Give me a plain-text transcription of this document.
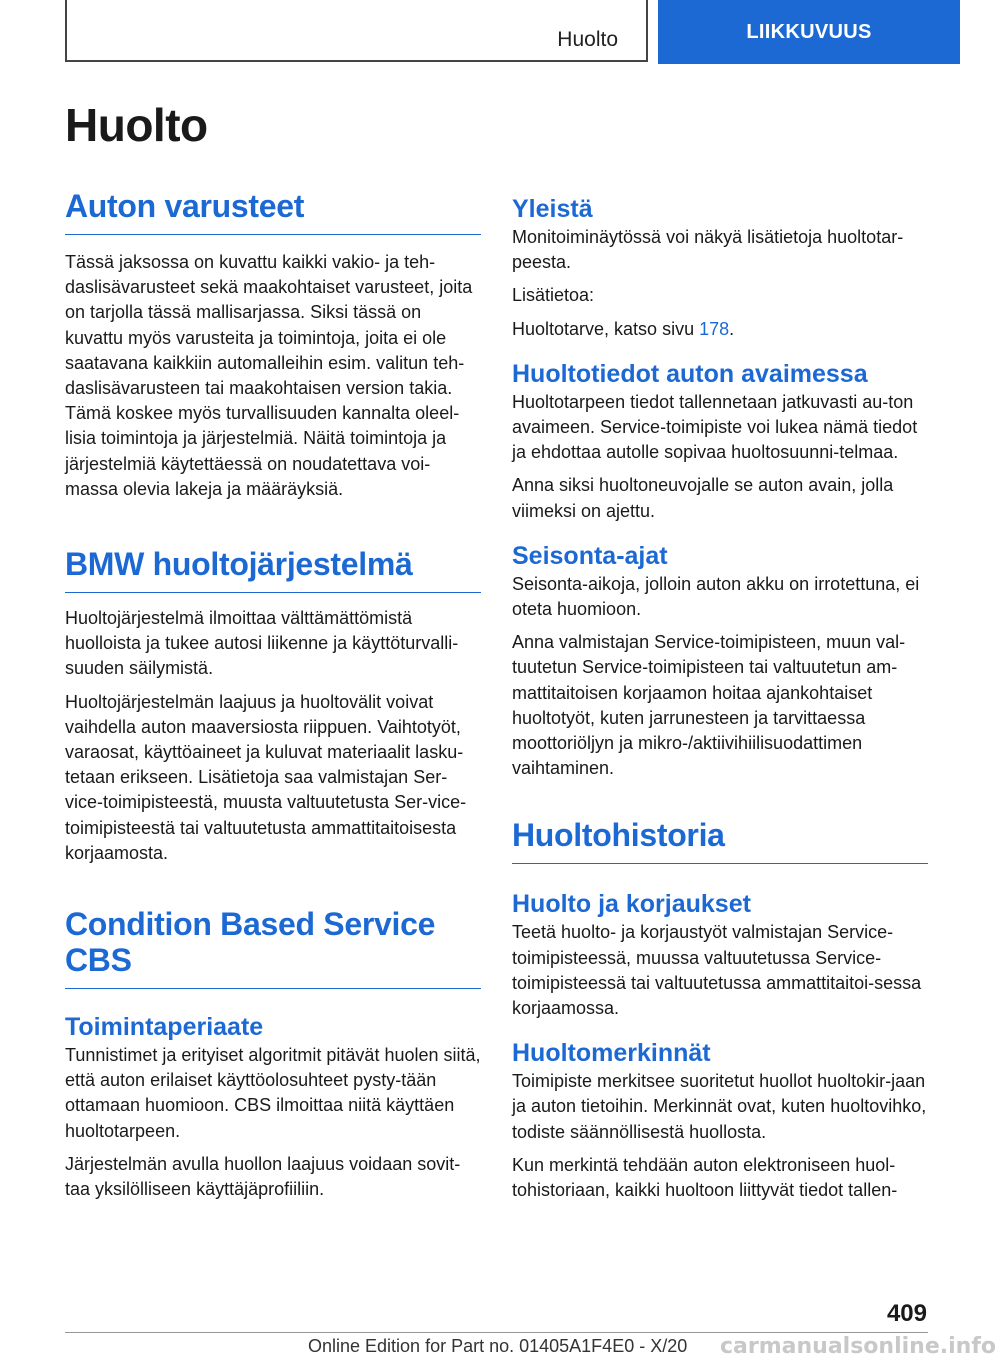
Huolto	LIIKKUVUUS
Huolto
Auton varusteet

Tässä jaksossa on kuvattu kaikki vakio- ja teh-daslisävarusteet sekä maakohtaiset varusteet, joita on tarjolla tässä mallisarjassa. Siksi tässä on kuvattu myös varusteita ja toimintoja, joita ei ole saatavana kaikkiin automalleihin esim. valitun teh-daslisävarusteen tai maakohtaisen version takia. Tämä koskee myös turvallisuuden kannalta oleel-lisia toimintoja ja järjestelmiä. Näitä toimintoja ja järjestelmiä käytettäessä on noudatettava voi-massa olevia lakeja ja määräyksiä.

BMW huoltojärjestelmä

Huoltojärjestelmä ilmoittaa välttämättömistä huolloista ja tukee autosi liikenne ja käyttöturvalli-suuden säilymistä.

Huoltojärjestelmän laajuus ja huoltovälit voivat vaihdella auton maaversiosta riippuen. Vaihtotyöt, varaosat, käyttöaineet ja kuluvat materiaalit lasku-tetaan erikseen. Lisätietoja saa valmistajan Ser-vice-toimipisteestä, muusta valtuutetusta Ser-vice-toimipisteestä tai valtuutetusta ammattitaitoisesta korjaamosta.

Condition Based Service CBS
Toimintaperiaate

Tunnistimet ja erityiset algoritmit pitävät huolen siitä, että auton erilaiset käyttöolosuhteet pysty-tään ottamaan huomioon. CBS ilmoittaa niitä käyttäen huoltotarpeen.

Järjestelmän avulla huollon laajuus voidaan sovit-taa yksilölliseen käyttäjäprofiiliin.

Yleistä

Monitoiminäytössä voi näkyä lisätietoja huoltotar-peesta.

Lisätietoa:

Huoltotarve, katso sivu 178.

Huoltotiedot auton avaimessa

Huoltotarpeen tiedot tallennetaan jatkuvasti au-ton avaimeen. Service-toimipiste voi lukea nämä tiedot ja ehdottaa autolle sopivaa huoltosuunni-telmaa.

Anna siksi huoltoneuvojalle se auton avain, jolla viimeksi on ajettu.

Seisonta-ajat

Seisonta-aikoja, jolloin auton akku on irrotettuna, ei oteta huomioon.

Anna valmistajan Service-toimipisteen, muun val-tuutetun Service-toimipisteen tai valtuutetun am-mattitaitoisen korjaamon hoitaa ajankohtaiset huoltotyöt, kuten jarrunesteen ja tarvittaessa moottoriöljyn ja mikro-/aktiivihiilisuodattimen vaihtaminen.

Huoltohistoria
Huolto ja korjaukset

Teetä huolto- ja korjaustyöt valmistajan Service-toimipisteessä, muussa valtuutetussa Service-toimipisteessä tai valtuutetussa ammattitaitoi-sessa korjaamossa.

Huoltomerkinnät

Toimipiste merkitsee suoritetut huollot huoltokir-jaan ja auton tietoihin. Merkinnät ovat, kuten huoltovihko, todiste säännöllisestä huollosta.

Kun merkintä tehdään auton elektroniseen huol-tohistoriaan, kaikki huoltoon liittyvät tiedot tallen-

409
Online Edition for Part no. 01405A1F4E0 - X/20 carmanualsonline.info
